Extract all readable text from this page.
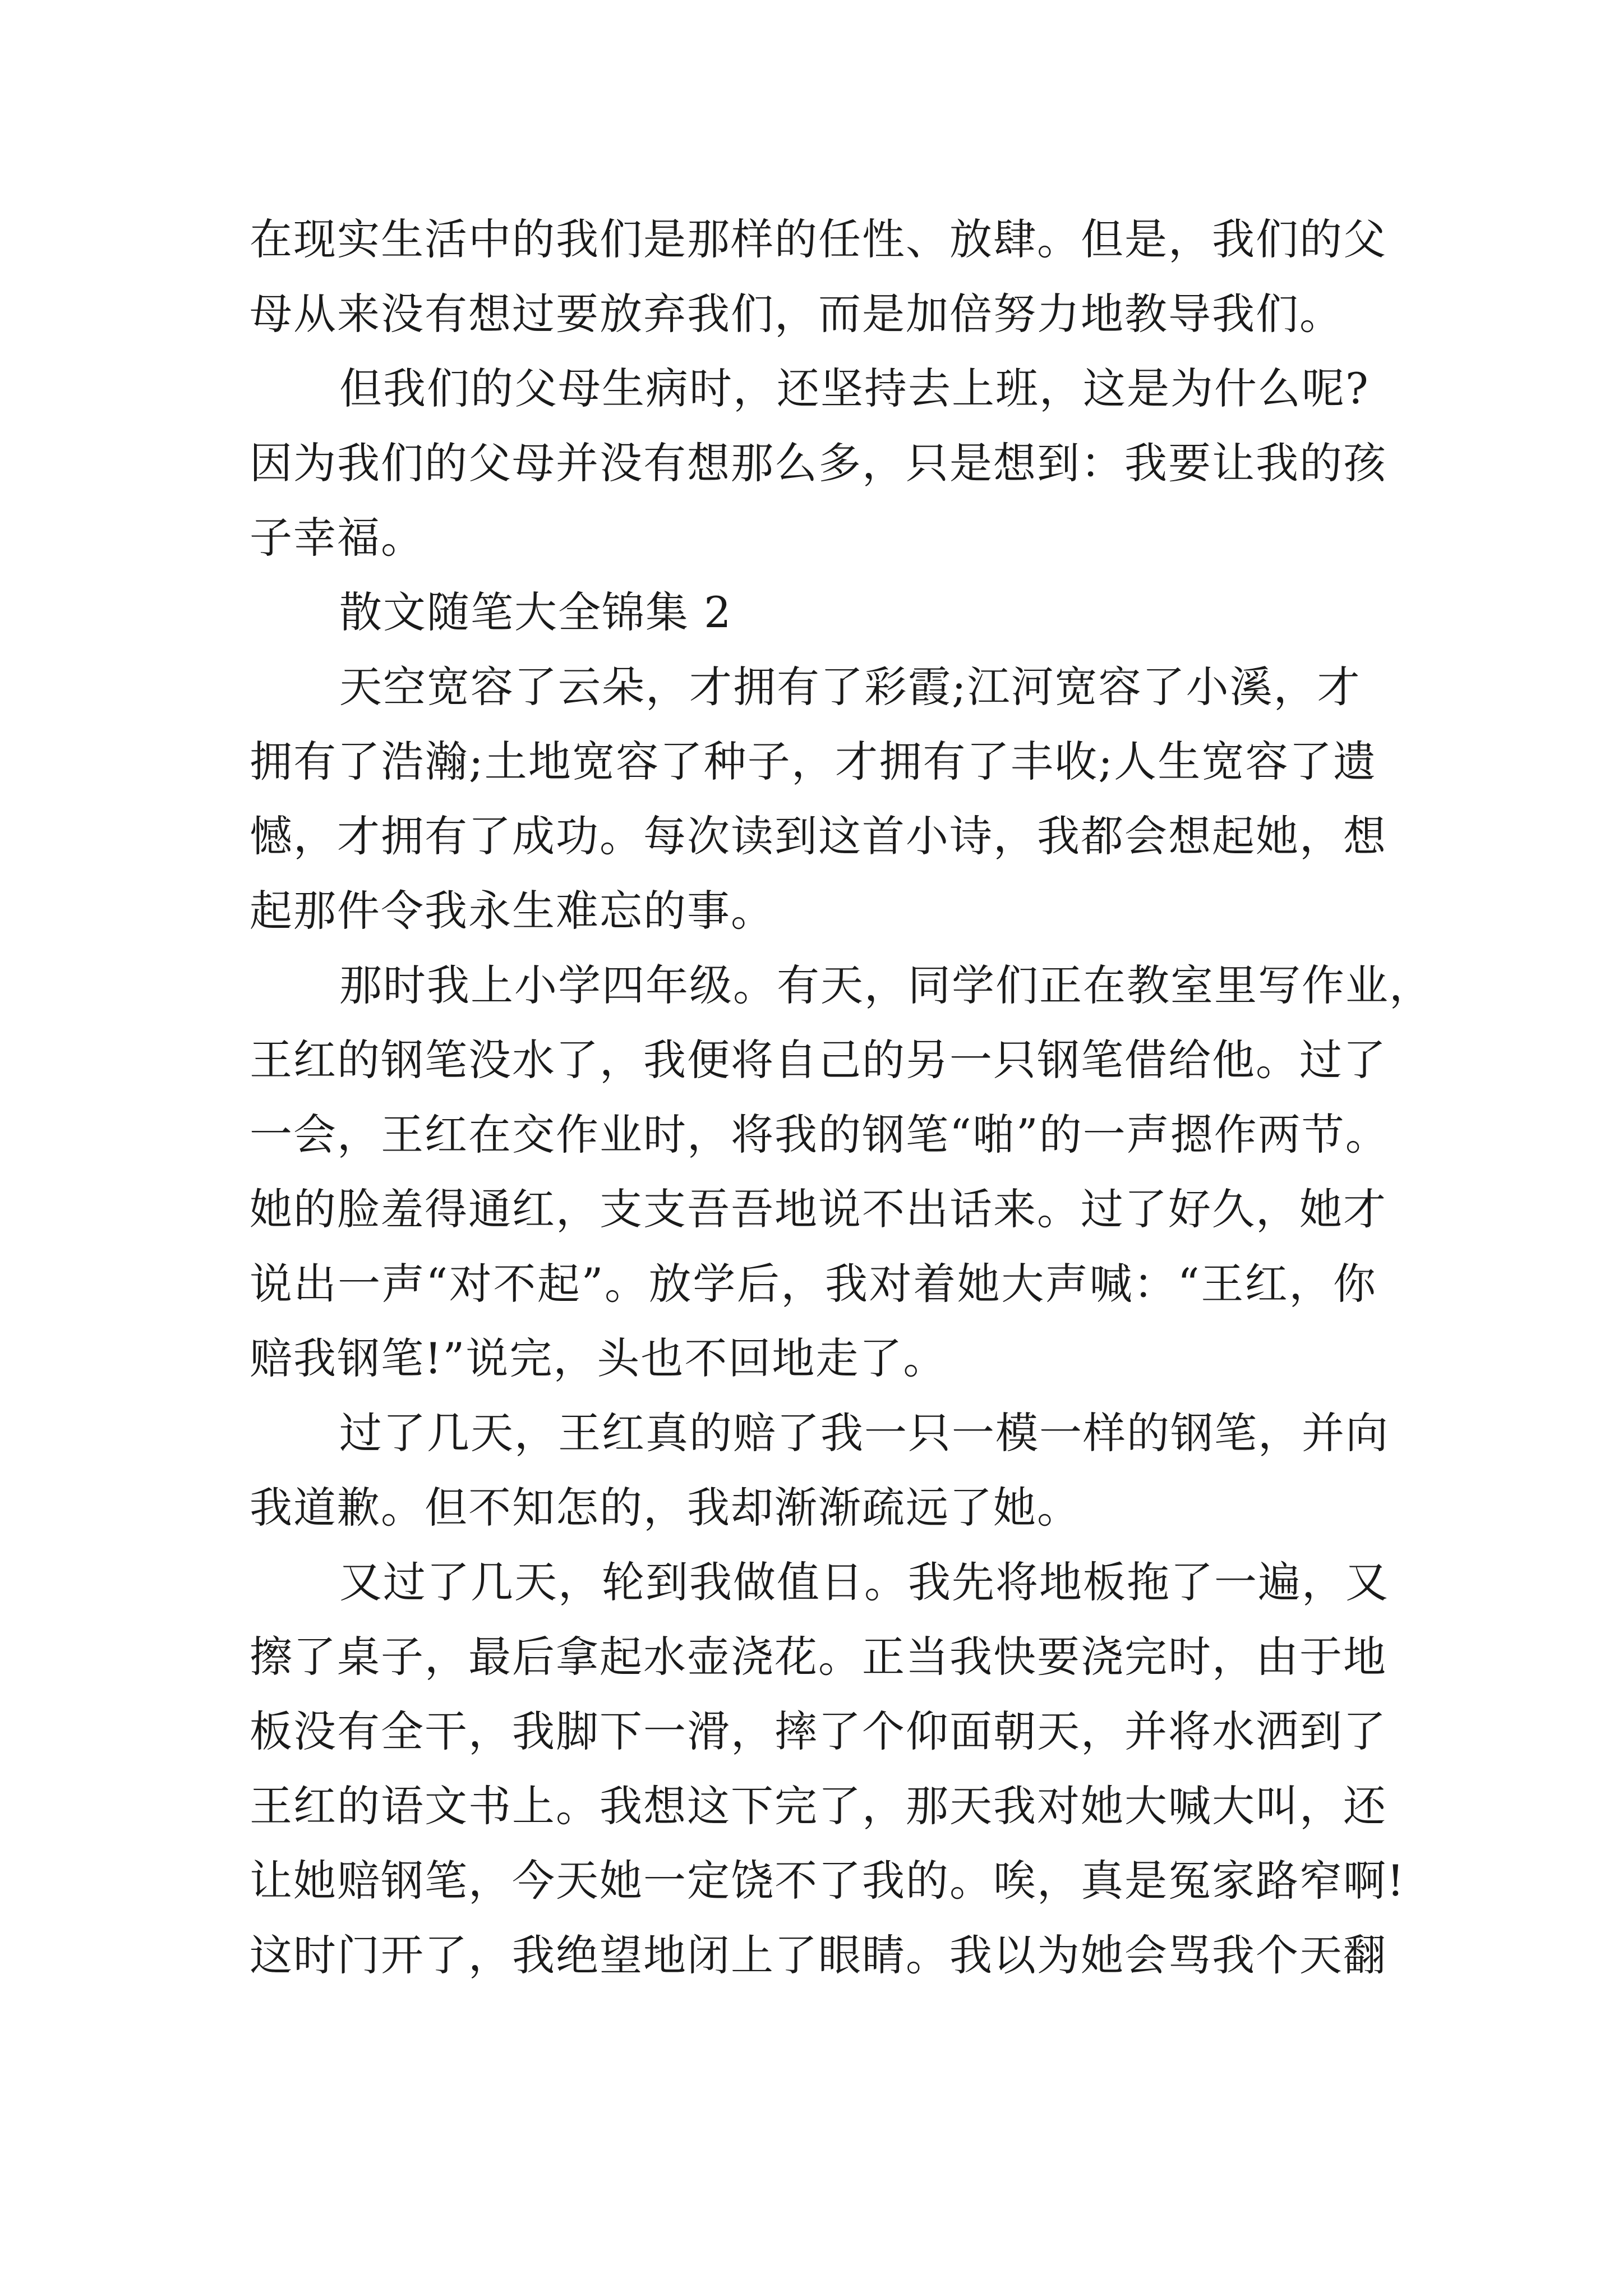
在现实生活中的我们是那样的任性、放肆。但是，我们的父
母从来没有想过要放弃我们，而是加倍努力地教导我们。
但我们的父母生病时，还坚持去上班，这是为什么呢?
因为我们的父母并没有想那么多，只是想到：我要让我的孩
子幸福。
散文随笔大全锦集 2
天空宽容了云朵，才拥有了彩霞;江河宽容了小溪，才
拥有了浩瀚;土地宽容了种子，才拥有了丰收;人生宽容了遗
憾，才拥有了成功。每次读到这首小诗，我都会想起她，想
起那件令我永生难忘的事。
那时我上小学四年级。有天，同学们正在教室里写作业，
王红的钢笔没水了，我便将自己的另一只钢笔借给他。过了
一会，王红在交作业时，将我的钢笔“啪”的一声摁作两节。
她的脸羞得通红，支支吾吾地说不出话来。过了好久，她才
说出一声“对不起”。放学后，我对着她大声喊：“王红，你
赔我钢笔!”说完，头也不回地走了。
过了几天，王红真的赔了我一只一模一样的钢笔，并向
我道歉。但不知怎的，我却渐渐疏远了她。
又过了几天，轮到我做值日。我先将地板拖了一遍，又
擦了桌子，最后拿起水壶浇花。正当我快要浇完时，由于地
板没有全干，我脚下一滑，摔了个仰面朝天，并将水洒到了
王红的语文书上。我想这下完了，那天我对她大喊大叫，还
让她赔钢笔，今天她一定饶不了我的。唉，真是冤家路窄啊!
这时门开了，我绝望地闭上了眼睛。我以为她会骂我个天翻
